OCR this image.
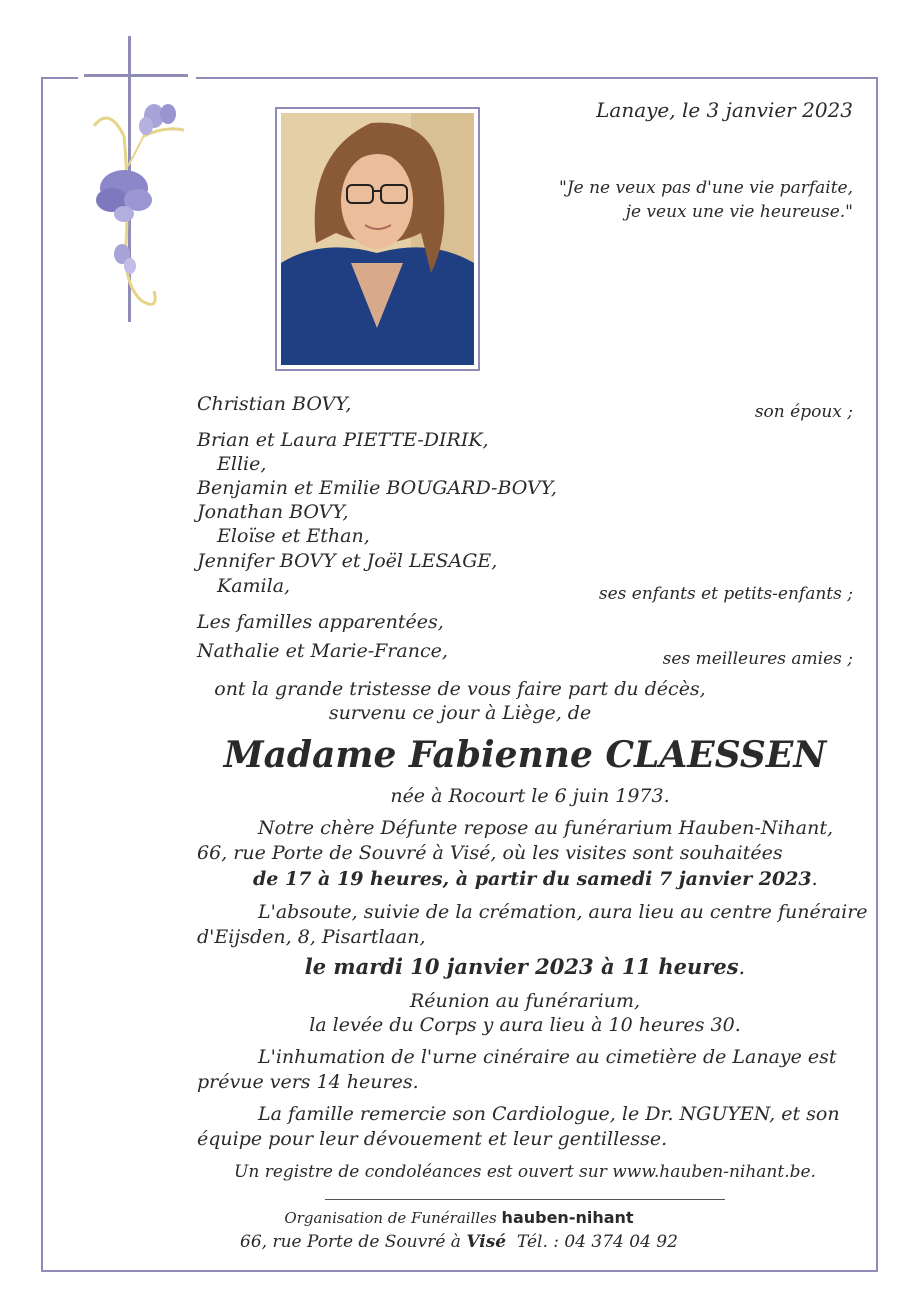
Lanaye, le 3 janvier 2023
"Je ne veux pas d'une vie parfaite,
je veux une vie heureuse."
Christian BOVY,	son époux ;
Brian et Laura PIETTE-DIRIK,
Ellie,
Benjamin et Emilie BOUGARD-BOVY,
Jonathan BOVY,
Eloïse et Ethan,
Jennifer BOVY et Joël LESAGE,
Kamila,	ses enfants et petits-enfants ;
Les familles apparentées,
Nathalie et Marie-France,	ses meilleures amies ;
ont la grande tristesse de vous faire part du décès,
survenu ce jour à Liège, de
Madame Fabienne CLAESSEN
née à Rocourt le 6 juin 1973.
Notre chère Défunte repose au funérarium Hauben-Nihant,
66, rue Porte de Souvré à Visé, où les visites sont souhaitées
de 17 à 19 heures, à partir du samedi 7 janvier 2023.
L'absoute, suivie de la crémation, aura lieu au centre funéraire
d'Eijsden, 8, Pisartlaan,
le mardi 10 janvier 2023 à 11 heures.
Réunion au funérarium,
la levée du Corps y aura lieu à 10 heures 30.
L'inhumation de l'urne cinéraire au cimetière de Lanaye est
prévue vers 14 heures.
La famille remercie son Cardiologue, le Dr. NGUYEN, et son
équipe pour leur dévouement et leur gentillesse.
Un registre de condoléances est ouvert sur www.hauben-nihant.be.
Organisation de Funérailles hauben-nihant
66, rue Porte de Souvré à Visé Tél. : 04 374 04 92
